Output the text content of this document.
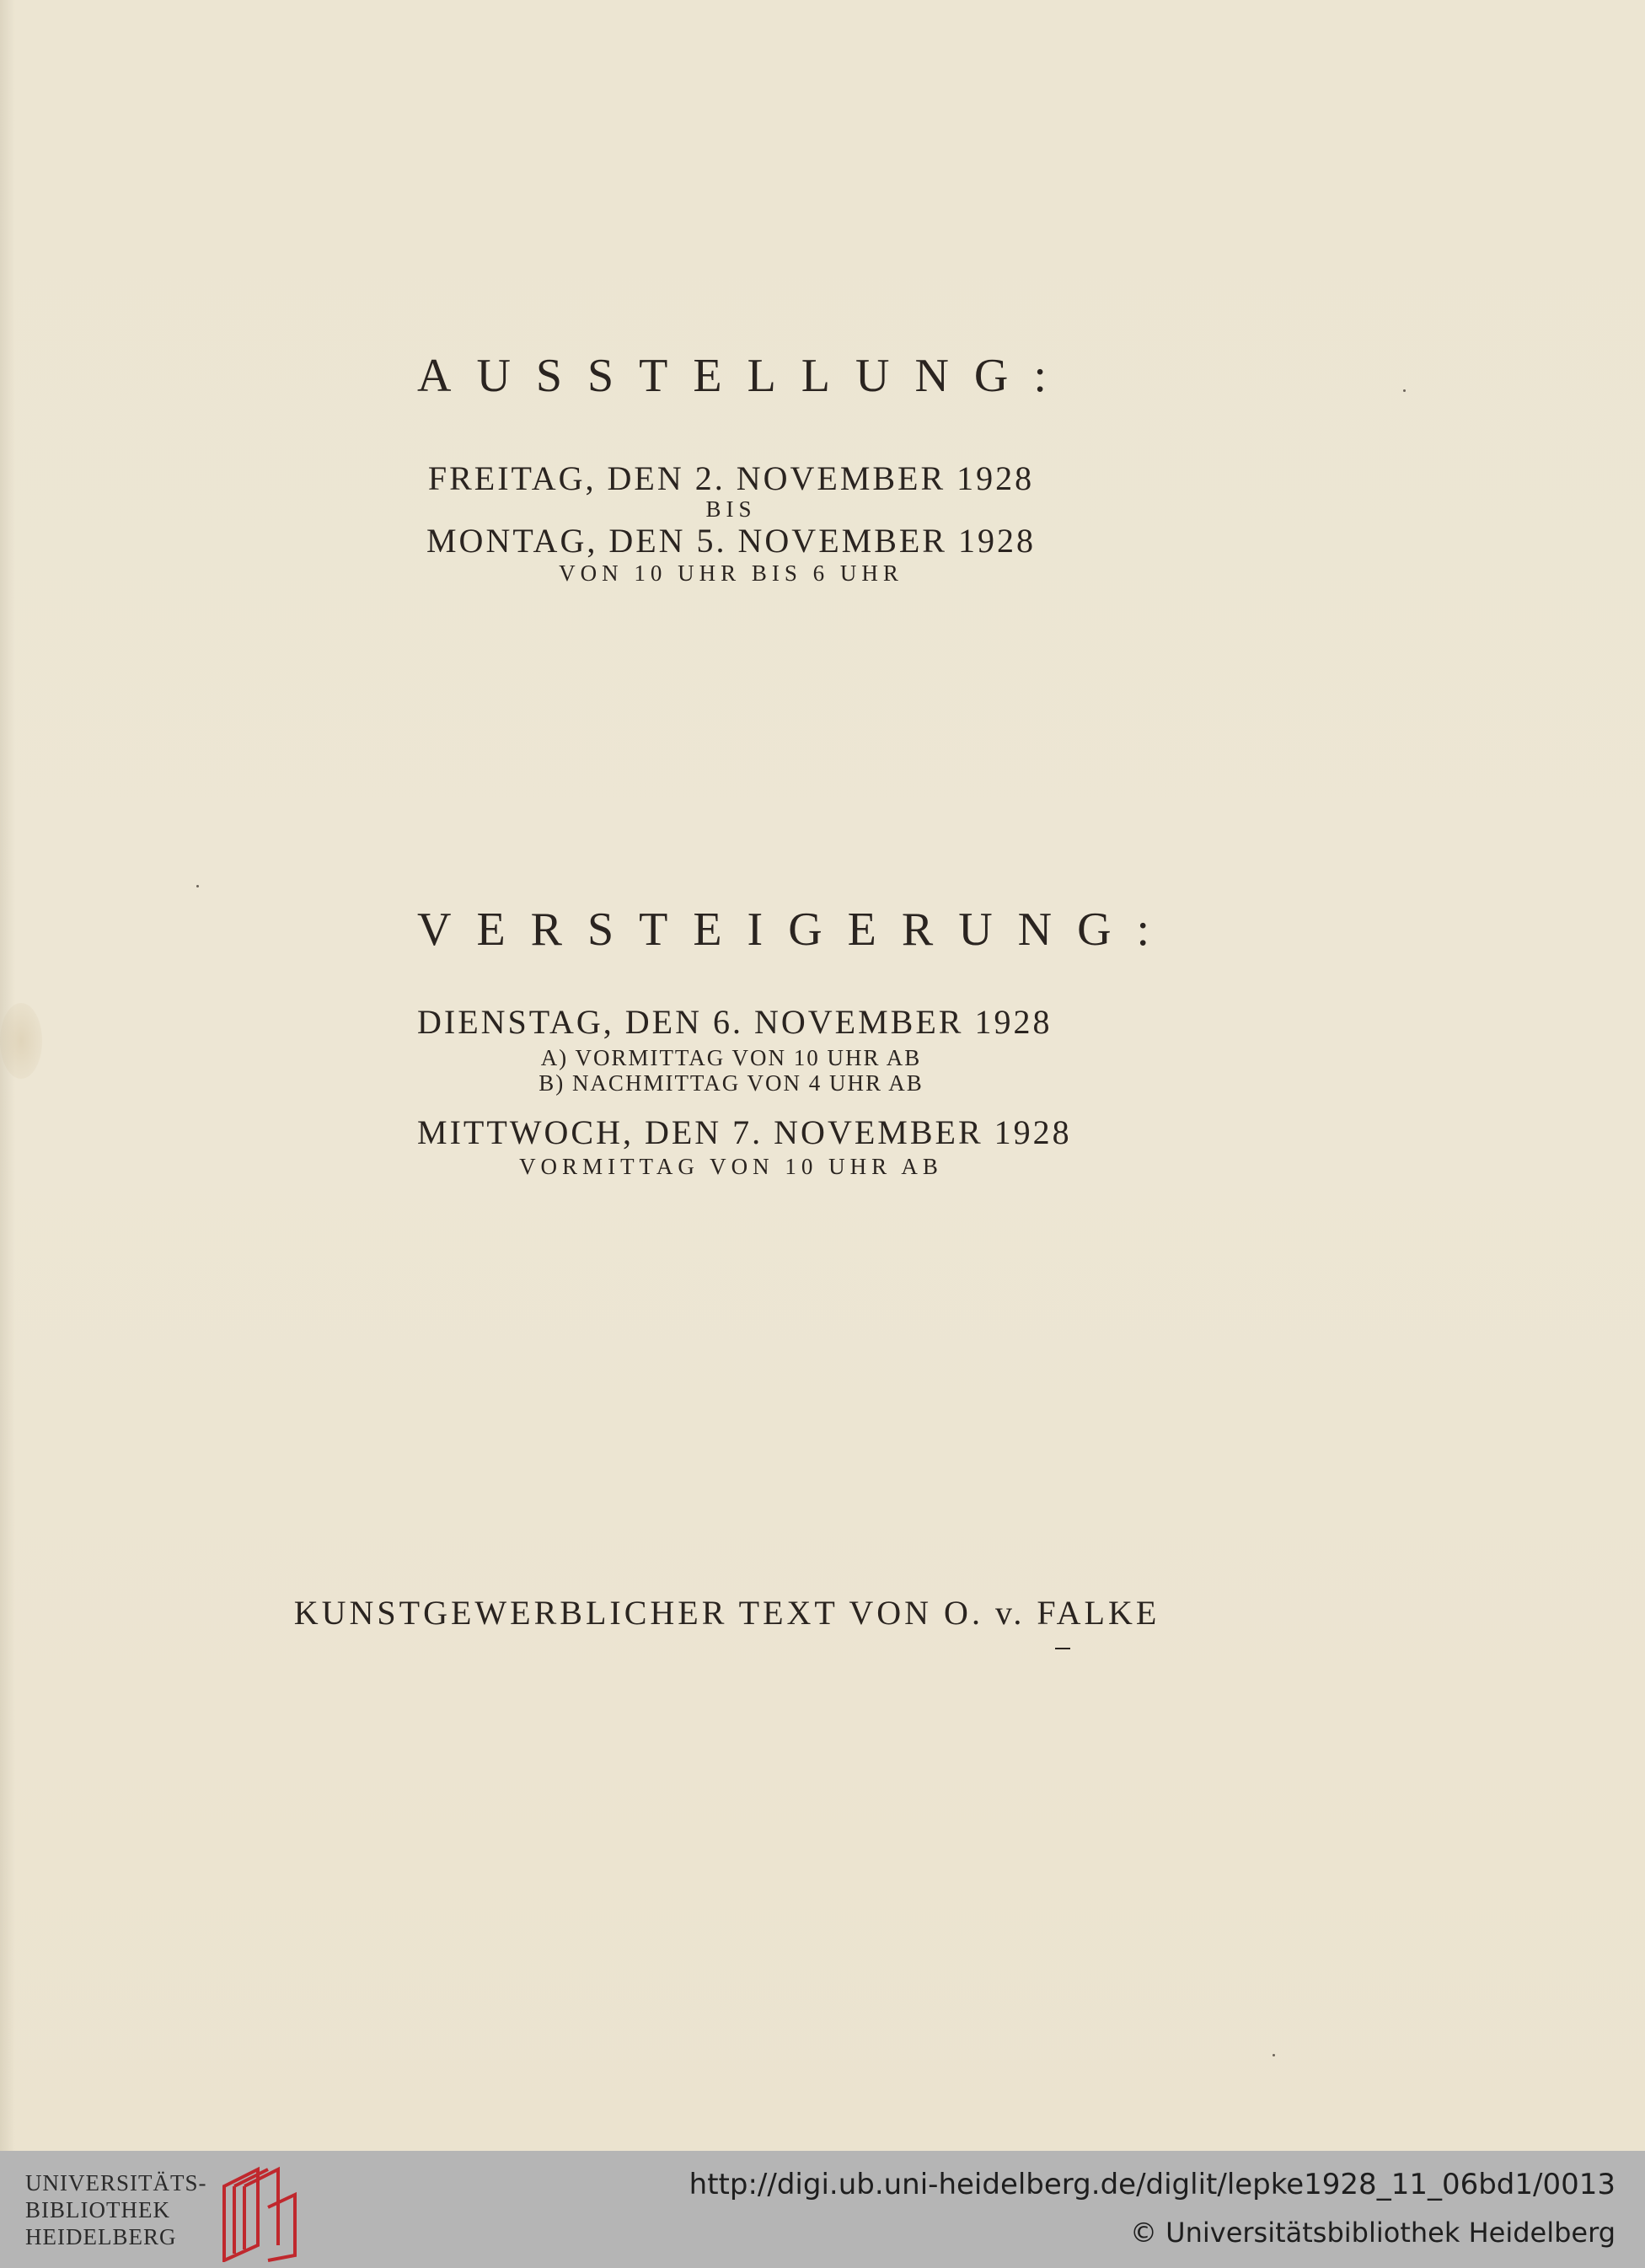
AUSSTELLUNG:
FREITAG, DEN 2. NOVEMBER 1928
BIS
MONTAG, DEN 5. NOVEMBER 1928
VON 10 UHR BIS 6 UHR
VERSTEIGERUNG:
DIENSTAG, DEN 6. NOVEMBER 1928
A) VORMITTAG VON 10 UHR AB
B) NACHMITTAG VON 4 UHR AB
MITTWOCH, DEN 7. NOVEMBER 1928
VORMITTAG VON 10 UHR AB
KUNSTGEWERBLICHER TEXT VON O. v. FALKE
UNIVERSITÄTS-
BIBLIOTHEK
HEIDELBERG
http://digi.ub.uni-heidelberg.de/diglit/lepke1928_11_06bd1/0013
© Universitätsbibliothek Heidelberg
